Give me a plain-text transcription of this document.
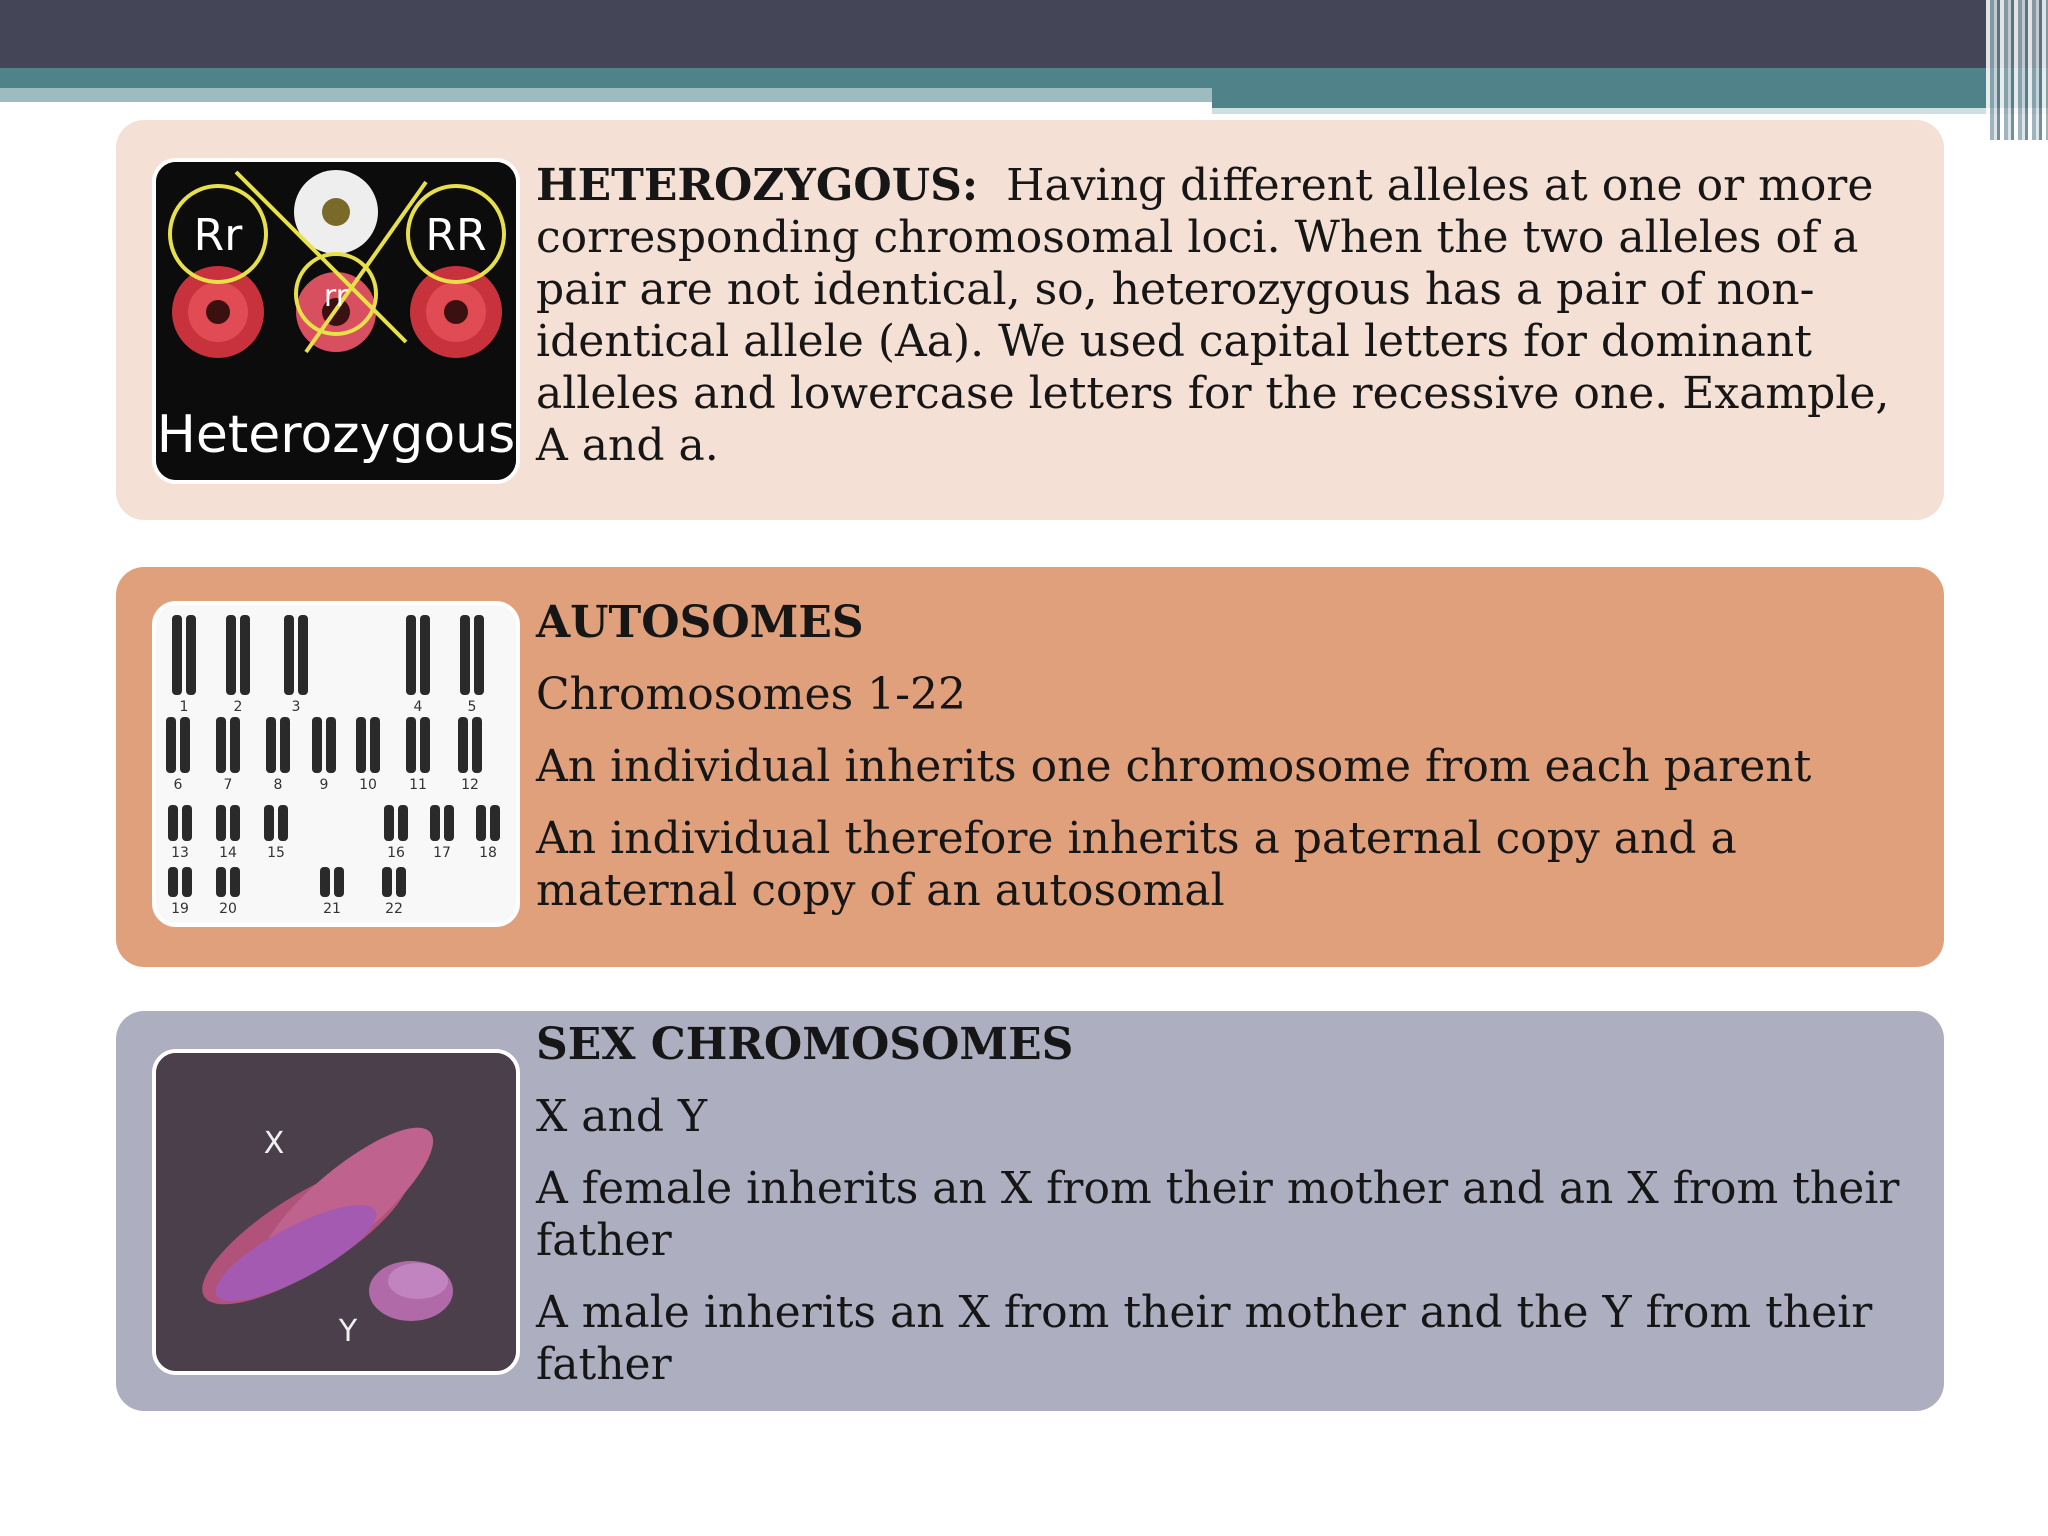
Rr
rr
RR
Heterozygous
HETEROZYGOUS: Having different alleles at one or more corresponding chromosomal loci. When the two alleles of a pair are not identical, so, heterozygous has a pair of non-identical allele (Aa). We used capital letters for dominant alleles and lowercase letters for the recessive one. Example, A and a.
1	2	3	4	5
6	7	8	9 10 11 12
13 14 15	16 17 18
19 20	21	22

AUTOSOMES

Chromosomes 1-22

An individual inherits one chromosome from each parent

An individual therefore inherits a paternal copy and a maternal copy of an autosomal

X
Y

SEX CHROMOSOMES

X and Y

A female inherits an X from their mother and an X from their father

A male inherits an X from their mother and the Y from their father
